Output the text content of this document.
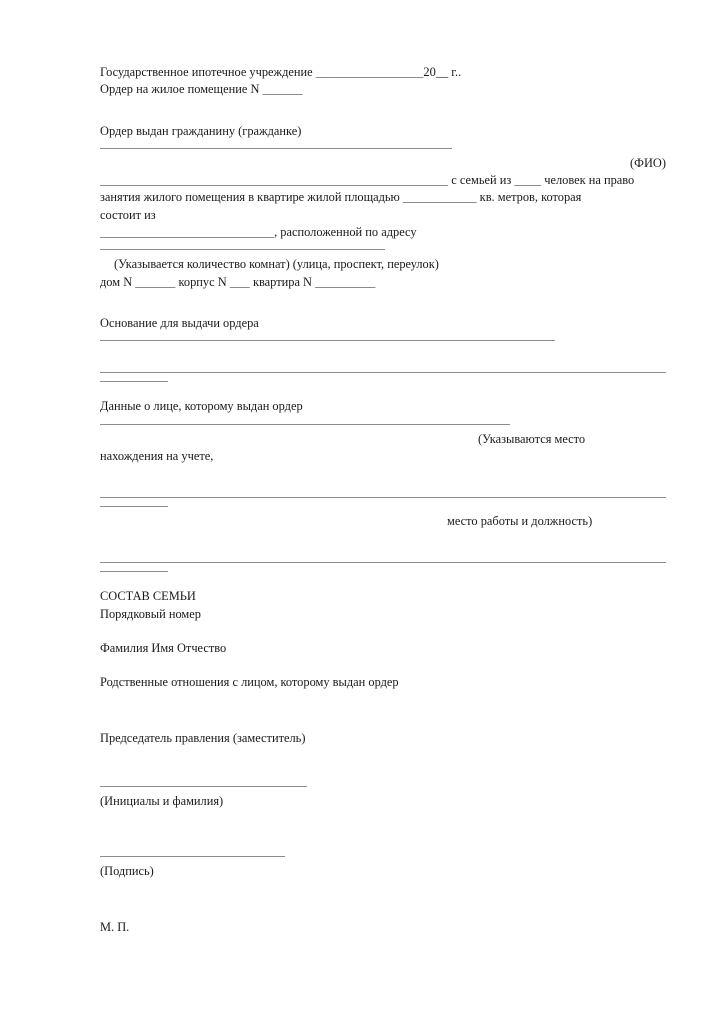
Государственное ипотечное учреждение	20__ г..
Ордер на жилое помещение N
Ордер выдан гражданину (гражданке)
(ФИО)
с семьей из человек на право
занятия жилого помещения в квартире жилой площадью	кв. метров, которая
состоит из
, расположенной по адресу
(Указывается количество комнат) (улица, проспект, переулок)
дом N	корпус N  квартира N
Основание для выдачи ордера
Данные о лице, которому выдан ордер
(Указываются место
нахождения на учете,
место работы и должность)
СОСТАВ СЕМЬИ
Порядковый номер
Фамилия Имя Отчество
Родственные отношения с лицом, которому выдан ордер
Председатель правления (заместитель)
(Инициалы и фамилия)
(Подпись)
М. П.
